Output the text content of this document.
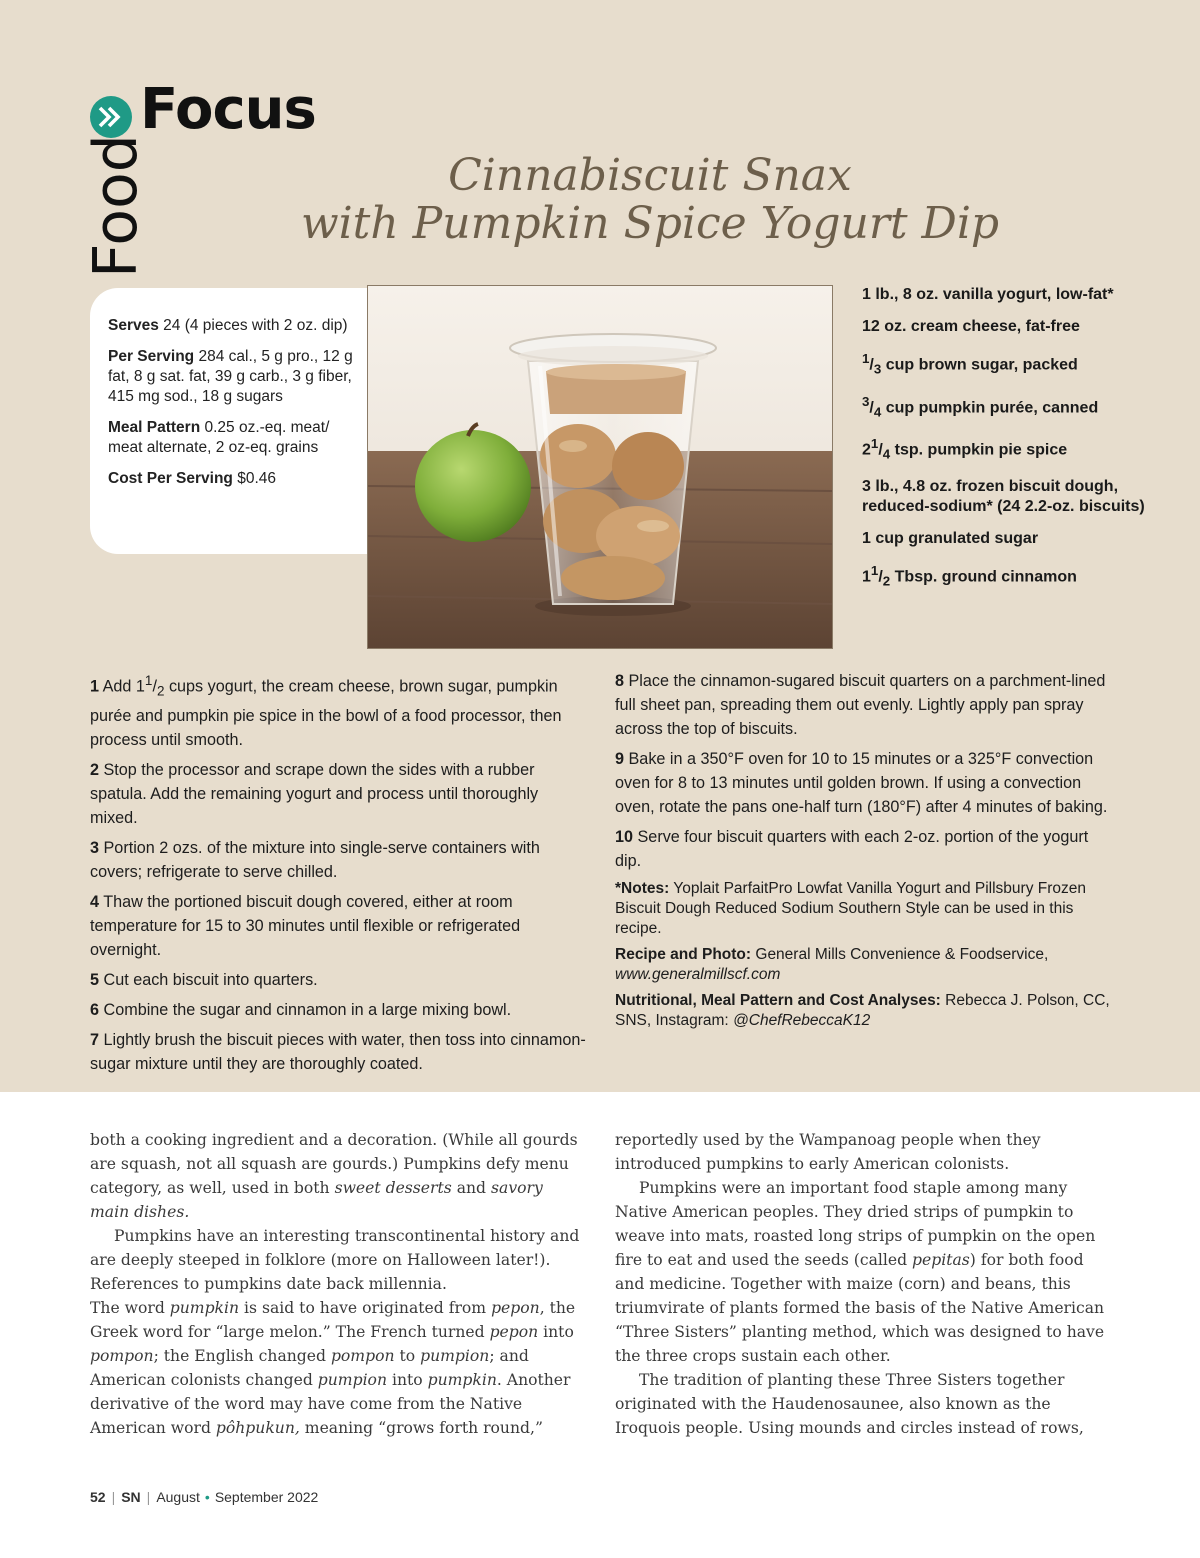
Focus
Food	Cinnabiscuit Snax
with Pumpkin Spice Yogurt Dip

Serves 24 (4 pieces with 2 oz. dip)

Per Serving 284 cal., 5 g pro., 12 g fat, 8 g sat. fat, 39 g carb., 3 g fiber, 415 mg sod., 18 g sugars

Meal Pattern 0.25 oz.-eq. meat/ meat alternate, 2 oz-eq. grains

Cost Per Serving $0.46

1 lb., 8 oz. vanilla yogurt, low-fat*

12 oz. cream cheese, fat-free

$^1/_3$ cup brown sugar, packed

$^3/_4$ cup pumpkin purée, canned

$2^1/_4$ tsp. pumpkin pie spice

3 lb., 4.8 oz. frozen biscuit dough, reduced-sodium* (24 2.2-oz. biscuits)

1 cup granulated sugar

$1^1/_2$ Tbsp. ground cinnamon

1 Add $1^1/_2$ cups yogurt, the cream cheese, brown sugar, pumpkin purée and pumpkin pie spice in the bowl of a food processor, then process until smooth.

2 Stop the processor and scrape down the sides with a rubber spatula. Add the remaining yogurt and process until thoroughly mixed.

3 Portion 2 ozs. of the mixture into single-serve containers with covers; refrigerate to serve chilled.

4 Thaw the portioned biscuit dough covered, either at room temperature for 15 to 30 minutes until flexible or refrigerated overnight.

5 Cut each biscuit into quarters.

6 Combine the sugar and cinnamon in a large mixing bowl.

7 Lightly brush the biscuit pieces with water, then toss into cinnamon-sugar mixture until they are thoroughly coated.

8 Place the cinnamon-sugared biscuit quarters on a parchment-lined full sheet pan, spreading them out evenly. Lightly apply pan spray across the top of biscuits.

9 Bake in a 350°F oven for 10 to 15 minutes or a 325°F convection oven for 8 to 13 minutes until golden brown. If using a convection oven, rotate the pans one-half turn (180°F) after 4 minutes of baking.

10 Serve four biscuit quarters with each 2-oz. portion of the yogurt dip.

*Notes: Yoplait ParfaitPro Lowfat Vanilla Yogurt and Pillsbury Frozen Biscuit Dough Reduced Sodium Southern Style can be used in this recipe.

Recipe and Photo: General Mills Convenience & Foodservice, www.generalmillscf.com

Nutritional, Meal Pattern and Cost Analyses: Rebecca J. Polson, CC, SNS, Instagram: @ChefRebeccaK12

both a cooking ingredient and a decoration. (While all gourds are squash, not all squash are gourds.) Pumpkins defy menu category, as well, used in both sweet desserts and savory main dishes.

Pumpkins have an interesting transcontinental history and are deeply steeped in folklore (more on Halloween later!). References to pumpkins date back millennia.

The word pumpkin is said to have originated from pepon, the Greek word for “large melon.” The French turned pepon into pompon; the English changed pompon to pumpion; and American colonists changed pumpion into pumpkin. Another derivative of the word may have come from the Native American word pôhpukun, meaning “grows forth round,”

reportedly used by the Wampanoag people when they introduced pumpkins to early American colonists.

Pumpkins were an important food staple among many Native American peoples. They dried strips of pumpkin to weave into mats, roasted long strips of pumpkin on the open fire to eat and used the seeds (called pepitas) for both food and medicine. Together with maize (corn) and beans, this triumvirate of plants formed the basis of the Native American “Three Sisters” planting method, which was designed to have the three crops sustain each other.

The tradition of planting these Three Sisters together originated with the Haudenosaunee, also known as the Iroquois people. Using mounds and circles instead of rows,

52 | SN | August • September 2022
